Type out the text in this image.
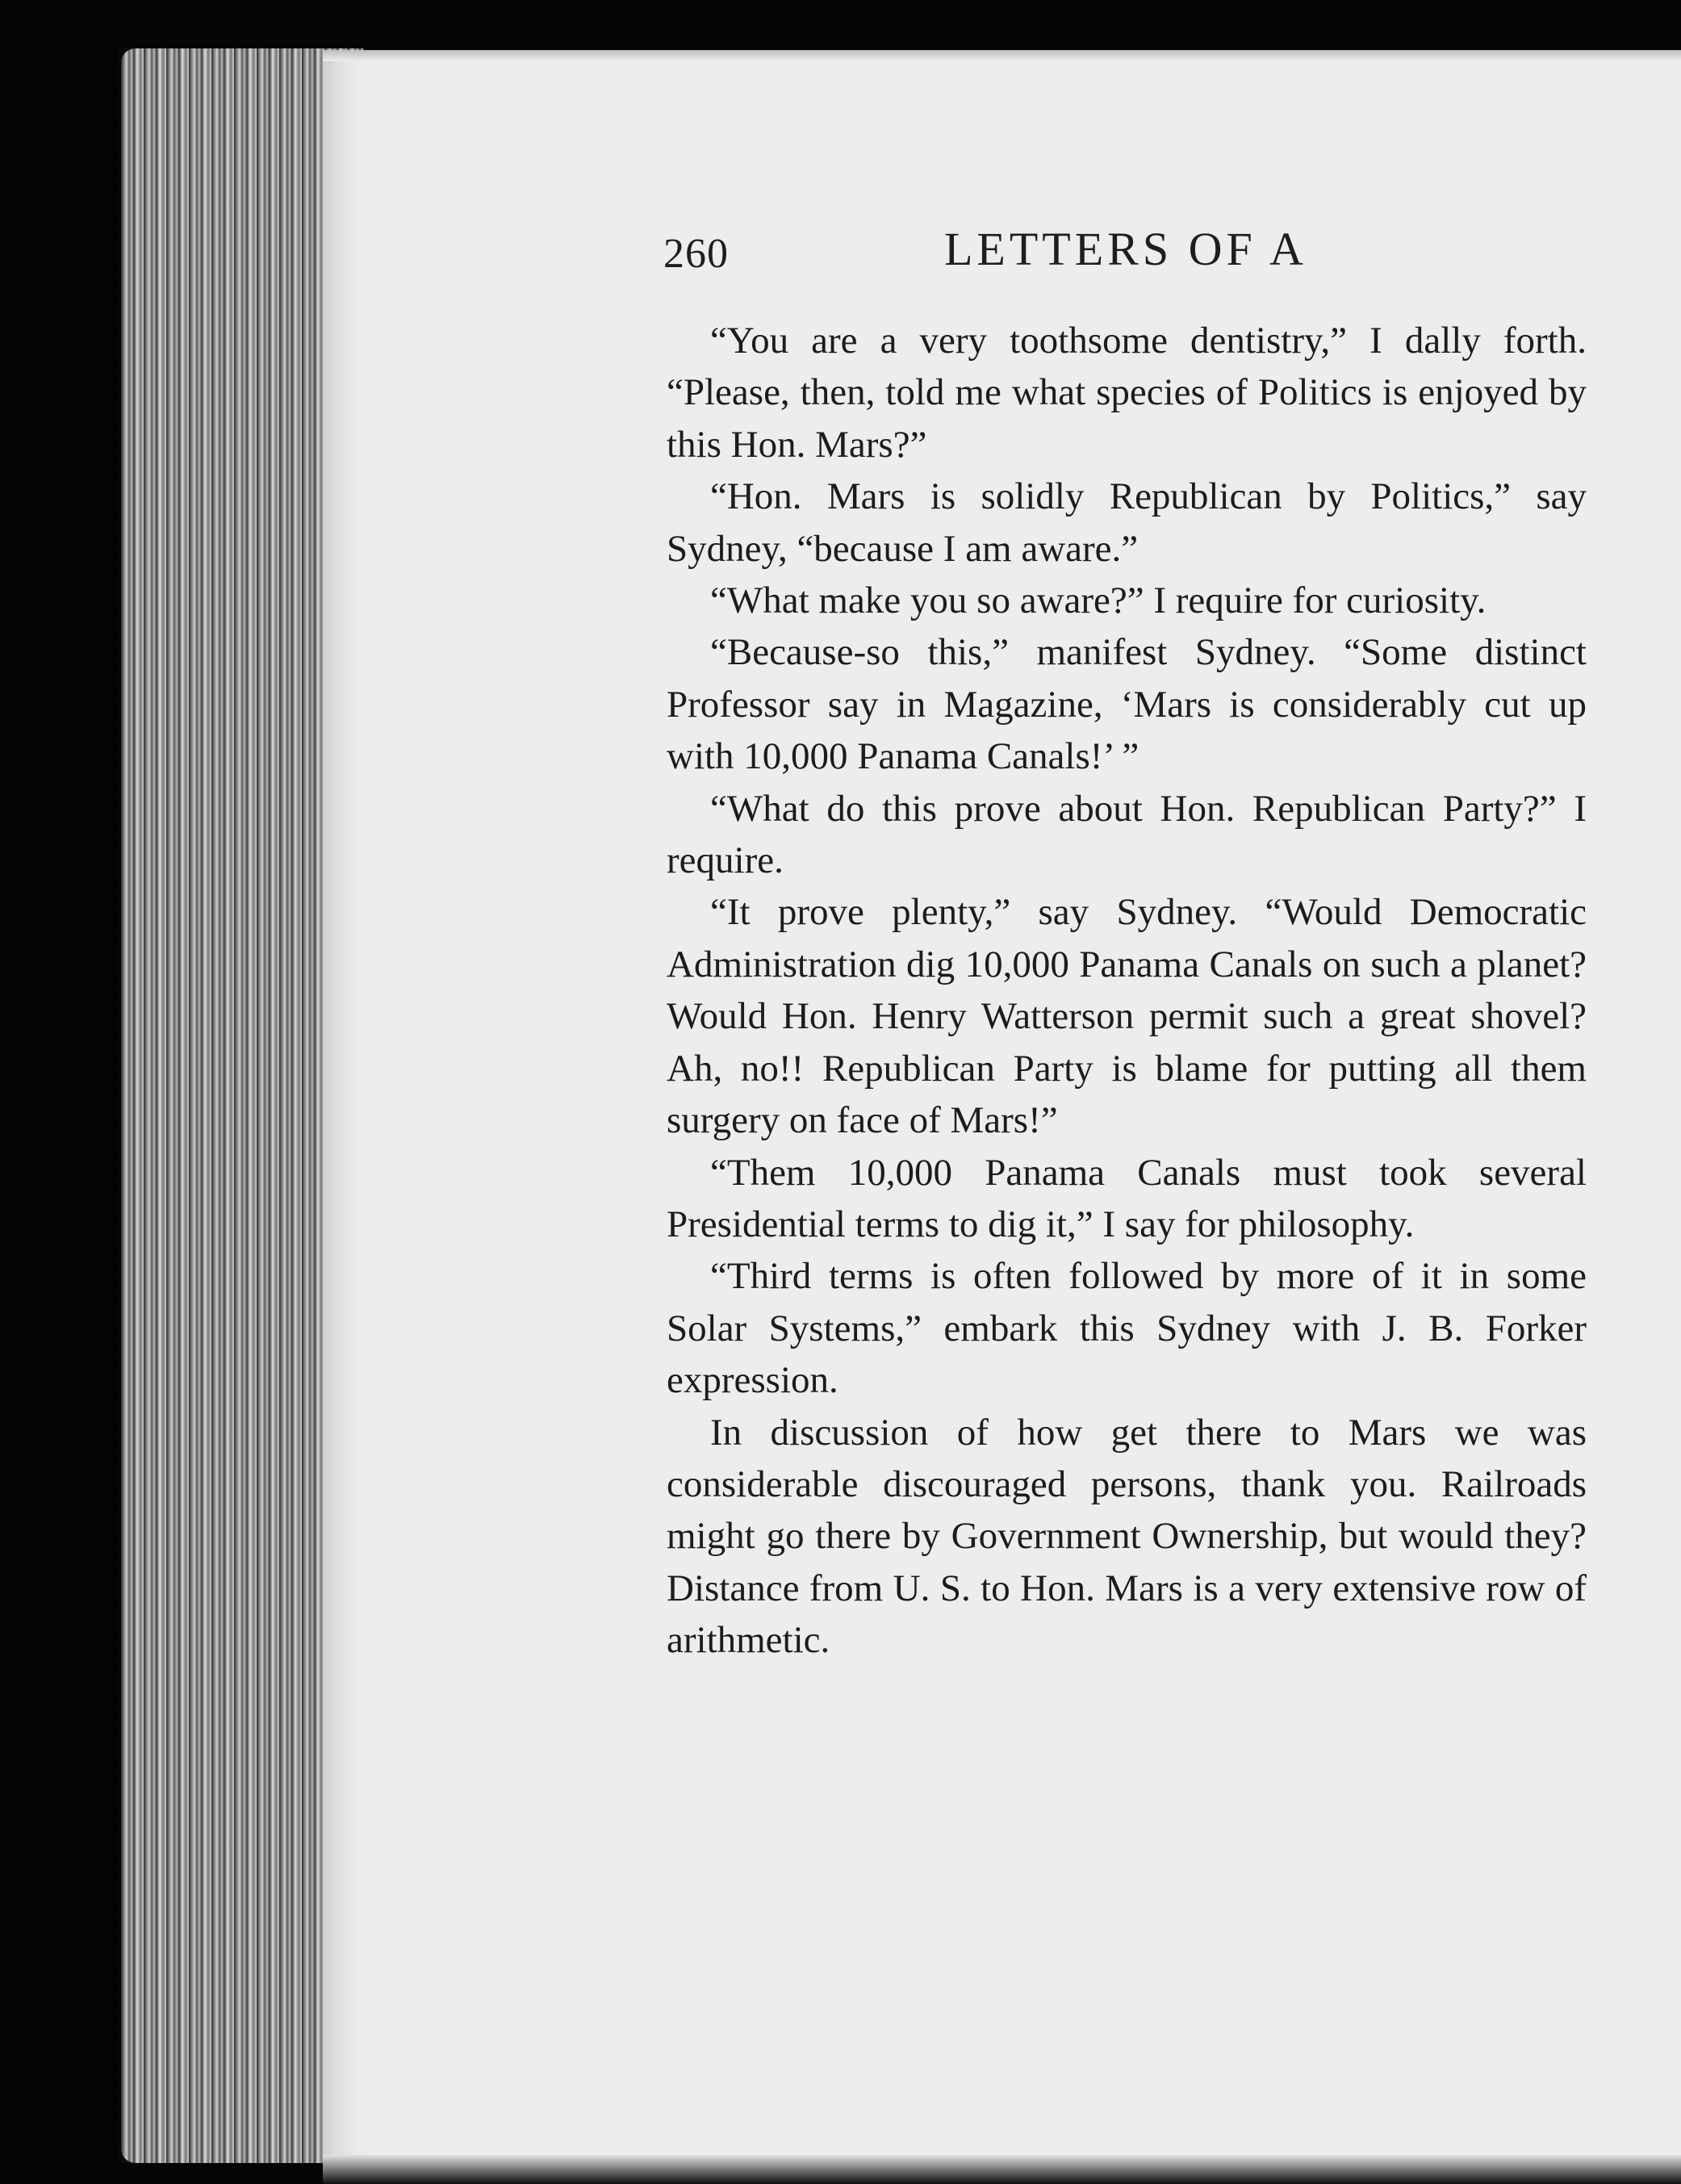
260	LETTERS OF A

“You are a very toothsome dentistry,” I dally forth. “Please, then, told me what species of Politics is enjoyed by this Hon. Mars?”

“Hon. Mars is solidly Republican by Politics,” say Sydney, “because I am aware.”

“What make you so aware?” I require for curiosity.

“Because-so this,” manifest Sydney. “Some distinct Professor say in Magazine, ‘Mars is considerably cut up with 10,000 Panama Canals!’ ”

“What do this prove about Hon. Republican Party?” I require.

“It prove plenty,” say Sydney. “Would Democratic Administration dig 10,000 Panama Canals on such a planet? Would Hon. Henry Watterson permit such a great shovel? Ah, no!! Republican Party is blame for putting all them surgery on face of Mars!”

“Them 10,000 Panama Canals must took several Presidential terms to dig it,” I say for philosophy.

“Third terms is often followed by more of it in some Solar Systems,” embark this Sydney with J. B. Forker expression.

In discussion of how get there to Mars we was considerable discouraged persons, thank you. Railroads might go there by Government Ownership, but would they? Distance from U. S. to Hon. Mars is a very extensive row of arithmetic.
